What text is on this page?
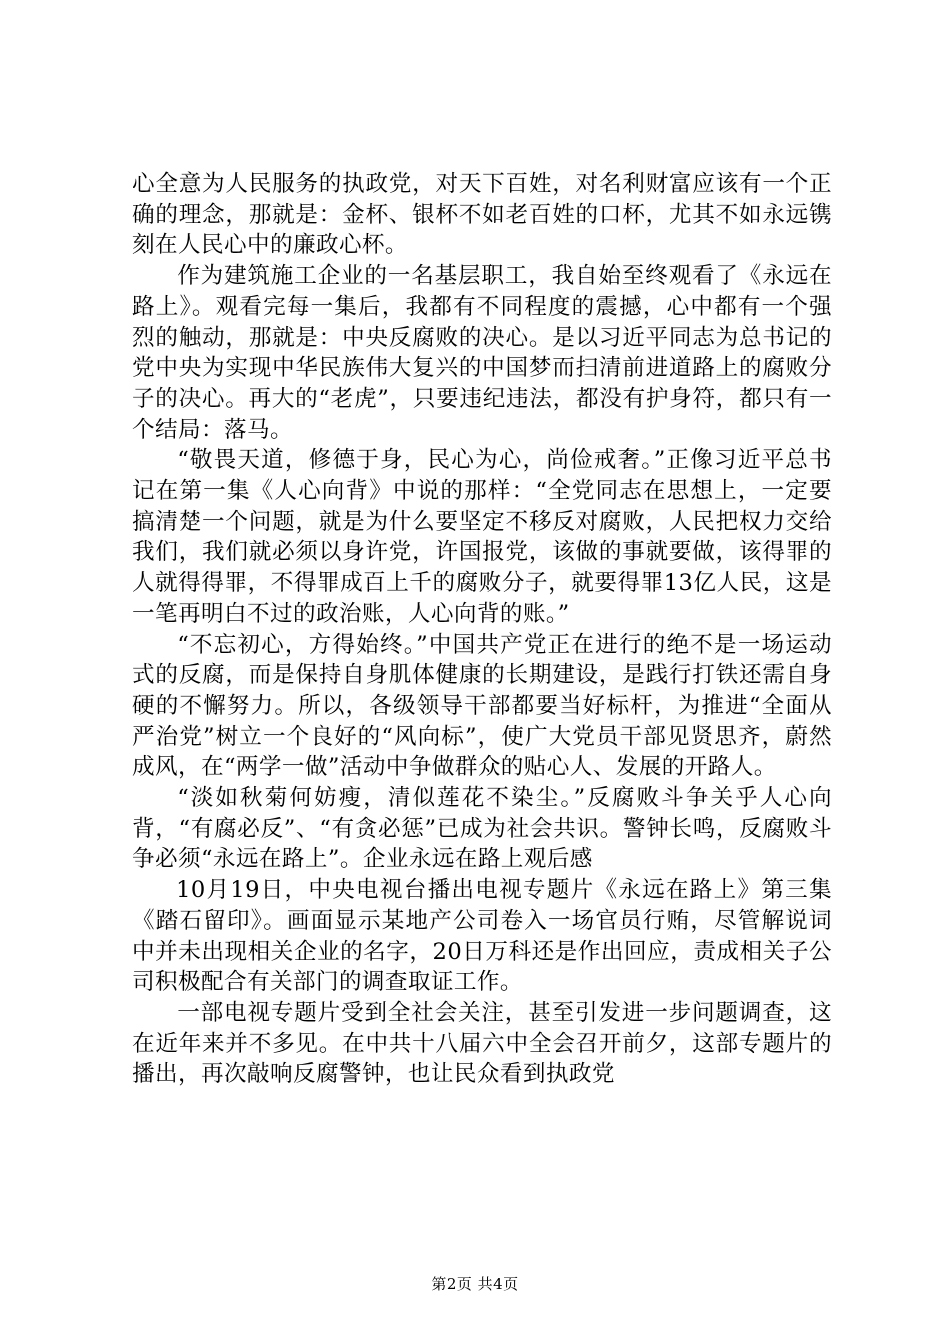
心全意为人民服务的执政党，对天下百姓，对名利财富应该有一个正确的理念，那就是：金杯、银杯不如老百姓的口杯，尤其不如永远镌刻在人民心中的廉政心杯。

作为建筑施工企业的一名基层职工，我自始至终观看了《永远在路上》。观看完每一集后，我都有不同程度的震撼，心中都有一个强烈的触动，那就是：中央反腐败的决心。是以习近平同志为总书记的党中央为实现中华民族伟大复兴的中国梦而扫清前进道路上的腐败分子的决心。再大的“老虎”，只要违纪违法，都没有护身符，都只有一个结局：落马。

“敬畏天道，修德于身，民心为心，尚俭戒奢。”正像习近平总书记在第一集《人心向背》中说的那样：“全党同志在思想上，一定要搞清楚一个问题，就是为什么要坚定不移反对腐败，人民把权力交给我们，我们就必须以身许党，许国报党，该做的事就要做，该得罪的人就得得罪，不得罪成百上千的腐败分子，就要得罪13亿人民，这是一笔再明白不过的政治账，人心向背的账。”

“不忘初心，方得始终。”中国共产党正在进行的绝不是一场运动式的反腐，而是保持自身肌体健康的长期建设，是践行打铁还需自身硬的不懈努力。所以，各级领导干部都要当好标杆，为推进“全面从严治党”树立一个良好的“风向标”，使广大党员干部见贤思齐，蔚然成风，在“两学一做”活动中争做群众的贴心人、发展的开路人。

“淡如秋菊何妨瘦，清似莲花不染尘。”反腐败斗争关乎人心向背，“有腐必反”、“有贪必惩”已成为社会共识。警钟长鸣，反腐败斗争必须“永远在路上”。企业永远在路上观后感

10月19日，中央电视台播出电视专题片《永远在路上》第三集《踏石留印》。画面显示某地产公司卷入一场官员行贿，尽管解说词中并未出现相关企业的名字，20日万科还是作出回应，责成相关子公司积极配合有关部门的调查取证工作。

一部电视专题片受到全社会关注，甚至引发进一步问题调查，这在近年来并不多见。在中共十八届六中全会召开前夕，这部专题片的播出，再次敲响反腐警钟，也让民众看到执政党

第2页 共4页
